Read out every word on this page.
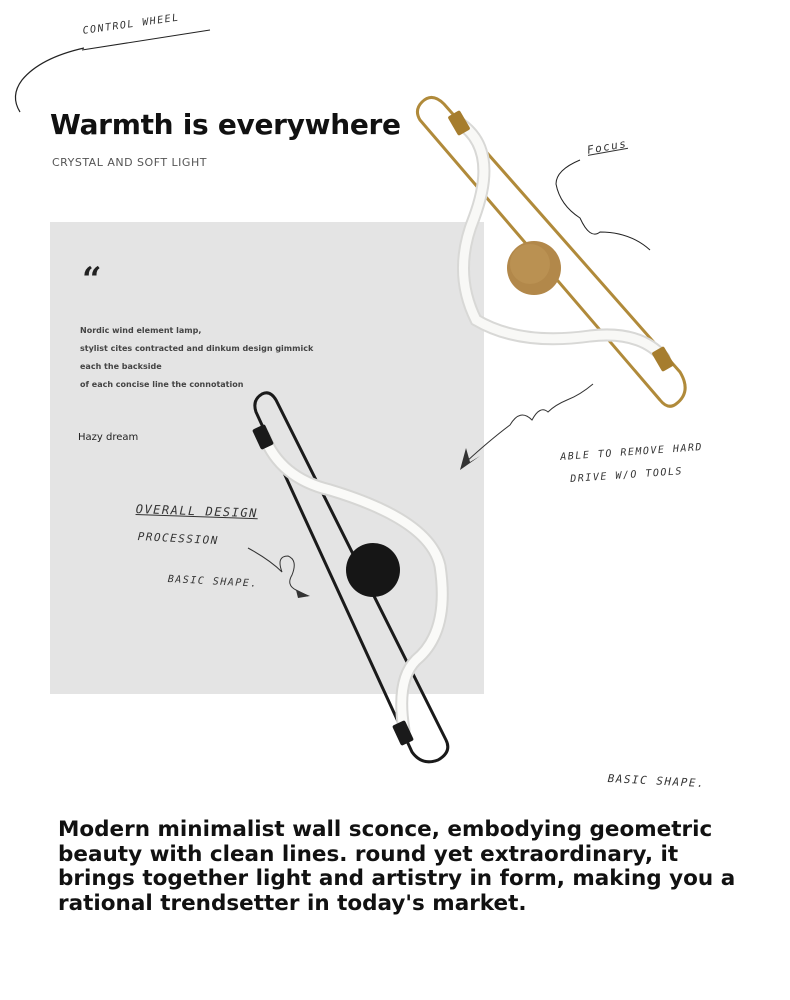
Warmth is everywhere
CRYSTAL AND SOFT LIGHT
“
Nordic wind element lamp,
stylist cites contracted and dinkum design gimmick
each the backside
of each concise line the connotation
Hazy dream
CONTROL WHEEL
Focus
ABLE TO REMOVE HARD
DRIVE W/O TOOLS
OVERALL DESIGN
PROCESSION
BASIC SHAPE.
BASIC SHAPE.
Modern minimalist wall sconce, embodying geometric beauty with clean lines. round yet extraordinary, it brings together light and artistry in form, making you a rational trendsetter in today's market.
